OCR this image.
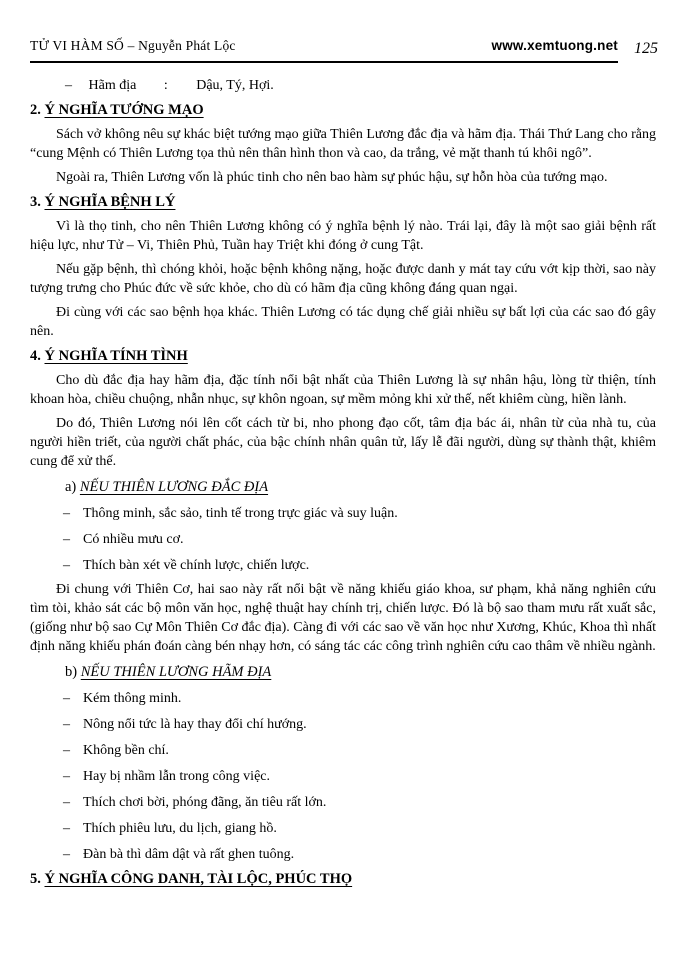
TỬ VI HÀM SỐ – Nguyễn Phát Lộc	www.xemtuong.net 125
– Hãm địa : Dậu, Tý, Hợi.
2. Ý NGHĨA TƯỚNG MẠO

Sách vở không nêu sự khác biệt tướng mạo giữa Thiên Lương đắc địa và hãm địa. Thái Thứ Lang cho rằng “cung Mệnh có Thiên Lương tọa thủ nên thân hình thon và cao, da trắng, vẻ mặt thanh tú khôi ngô”.

Ngoài ra, Thiên Lương vốn là phúc tinh cho nên bao hàm sự phúc hậu, sự hỗn hòa của tướng mạo.

3. Ý NGHĨA BỆNH LÝ

Vì là thọ tinh, cho nên Thiên Lương không có ý nghĩa bệnh lý nào. Trái lại, đây là một sao giải bệnh rất hiệu lực, như Tử – Vi, Thiên Phủ, Tuần hay Triệt khi đóng ở cung Tật.

Nếu gặp bệnh, thì chóng khỏi, hoặc bệnh không nặng, hoặc được danh y mát tay cứu vớt kịp thời, sao này tượng trưng cho Phúc đức về sức khỏe, cho dù có hãm địa cũng không đáng quan ngại.

Đi cùng với các sao bệnh họa khác. Thiên Lương có tác dụng chế giải nhiều sự bất lợi của các sao đó gây nên.

4. Ý NGHĨA TÍNH TÌNH

Cho dù đắc địa hay hãm địa, đặc tính nổi bật nhất của Thiên Lương là sự nhân hậu, lòng từ thiện, tính khoan hòa, chiều chuộng, nhẫn nhục, sự khôn ngoan, sự mềm mỏng khi xử thế, nết khiêm cùng, hiền lành.

Do đó, Thiên Lương nói lên cốt cách từ bi, nho phong đạo cốt, tâm địa bác ái, nhân từ của nhà tu, của người hiền triết, của người chất phác, của bậc chính nhân quân tử, lấy lễ đãi người, dùng sự thành thật, khiêm cung để xử thế.

a) NẾU THIÊN LƯƠNG ĐẮC ĐỊA
– Thông minh, sắc sảo, tinh tế trong trực giác và suy luận.
– Có nhiều mưu cơ.
– Thích bàn xét về chính lược, chiến lược.

Đi chung với Thiên Cơ, hai sao này rất nổi bật về năng khiếu giáo khoa, sư phạm, khả năng nghiên cứu tìm tòi, khảo sát các bộ môn văn học, nghệ thuật hay chính trị, chiến lược. Đó là bộ sao tham mưu rất xuất sắc, (giống như bộ sao Cự Môn Thiên Cơ đắc địa). Càng đi với các sao về văn học như Xương, Khúc, Khoa thì nhất định năng khiếu phán đoán càng bén nhạy hơn, có sáng tác các công trình nghiên cứu cao thâm về nhiều ngành.

b) NẾU THIÊN LƯƠNG HÃM ĐỊA
– Kém thông minh.
– Nông nổi tức là hay thay đổi chí hướng.
– Không bền chí.
– Hay bị nhầm lẫn trong công việc.
– Thích chơi bời, phóng đãng, ăn tiêu rất lớn.
– Thích phiêu lưu, du lịch, giang hồ.
– Đàn bà thì dâm dật và rất ghen tuông.
5. Ý NGHĨA CÔNG DANH, TÀI LỘC, PHÚC THỌ
